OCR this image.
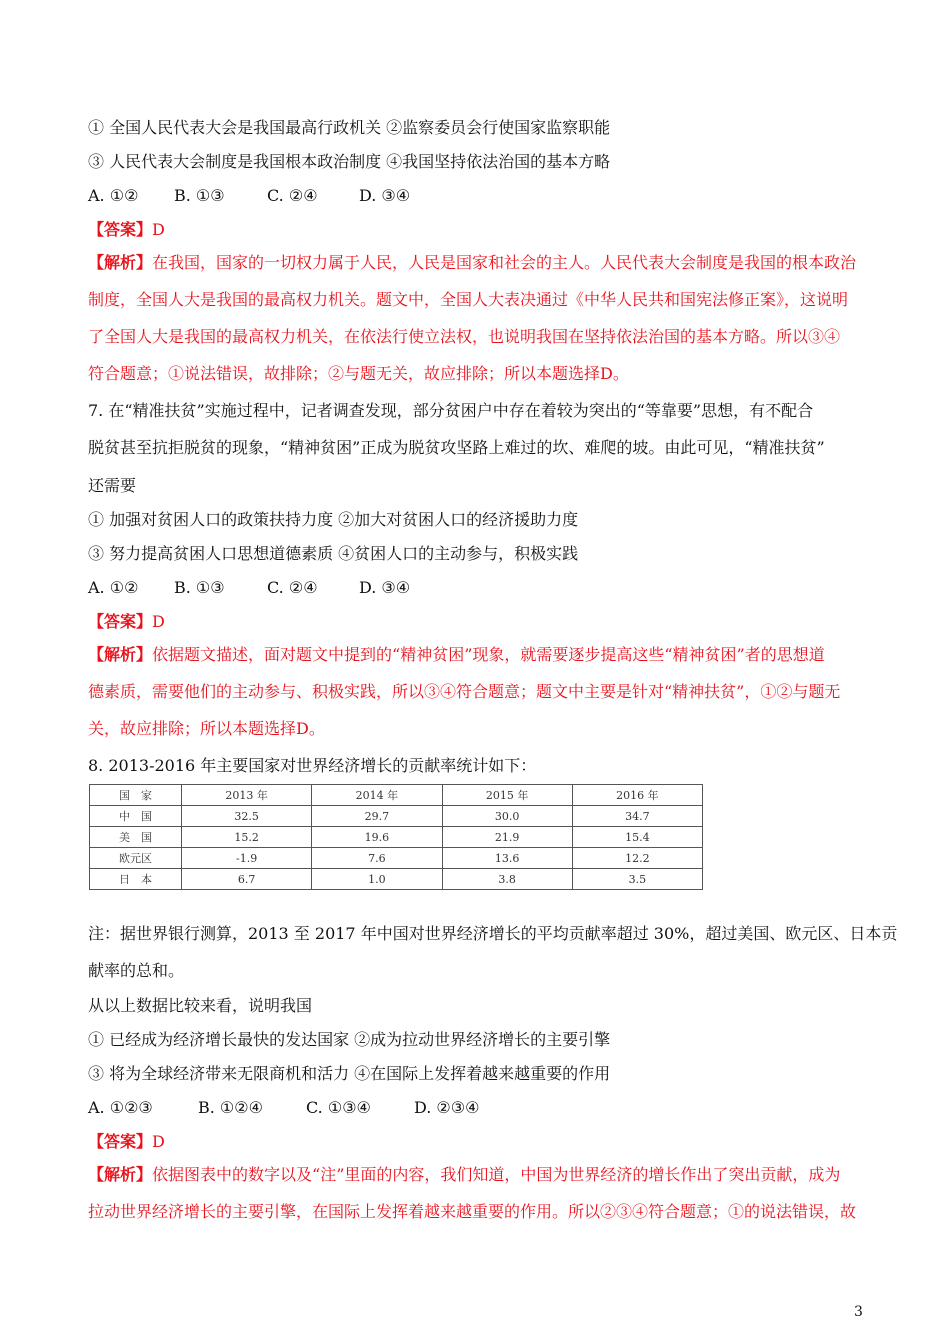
① 全国人民代表大会是我国最高行政机关 ②监察委员会行使国家监察职能
③ 人民代表大会制度是我国根本政治制度 ④我国坚持依法治国的基本方略
A. ①② B. ①③	C. ②④	D. ③④
【答案】D
【解析】在我国，国家的一切权力属于人民，人民是国家和社会的主人。人民代表大会制度是我国的根本政治
制度，全国人大是我国的最高权力机关。题文中，全国人大表决通过《中华人民共和国宪法修正案》，这说明
了全国人大是我国的最高权力机关，在依法行使立法权，也说明我国在坚持依法治国的基本方略。所以③④
符合题意；①说法错误，故排除；②与题无关，故应排除；所以本题选择D。
7. 在“精准扶贫”实施过程中，记者调查发现，部分贫困户中存在着较为突出的“等靠要”思想，有不配合
脱贫甚至抗拒脱贫的现象，“精神贫困”正成为脱贫攻坚路上难过的坎、难爬的坡。由此可见，“精准扶贫”
还需要
① 加强对贫困人口的政策扶持力度 ②加大对贫困人口的经济援助力度
③ 努力提高贫困人口思想道德素质 ④贫困人口的主动参与，积极实践
A. ①② B. ①③	C. ②④	D. ③④
【答案】D
【解析】依据题文描述，面对题文中提到的“精神贫困”现象，就需要逐步提高这些“精神贫困”者的思想道
德素质，需要他们的主动参与、积极实践，所以③④符合题意；题文中主要是针对“精神扶贫”，①②与题无
关，故应排除；所以本题选择D。
8. 2013-2016 年主要国家对世界经济增长的贡献率统计如下：
国　家	2013 年	2014 年	2015 年	2016 年
中　国	32.5	29.7	30.0	34.7
美　国	15.2	19.6	21.9	15.4
欧元区	-1.9	7.6	13.6	12.2
日　本	6.7	1.0	3.8	3.5
注：据世界银行测算，2013 至 2017 年中国对世界经济增长的平均贡献率超过 30%，超过美国、欧元区、日本贡
献率的总和。
从以上数据比较来看，说明我国
① 已经成为经济增长最快的发达国家 ②成为拉动世界经济增长的主要引擎
③ 将为全球经济带来无限商机和活力 ④在国际上发挥着越来越重要的作用
A. ①②③	B. ①②④	C. ①③④	D. ②③④
【答案】D
【解析】依据图表中的数字以及“注”里面的内容，我们知道，中国为世界经济的增长作出了突出贡献，成为
拉动世界经济增长的主要引擎，在国际上发挥着越来越重要的作用。所以②③④符合题意；①的说法错误，故
3
